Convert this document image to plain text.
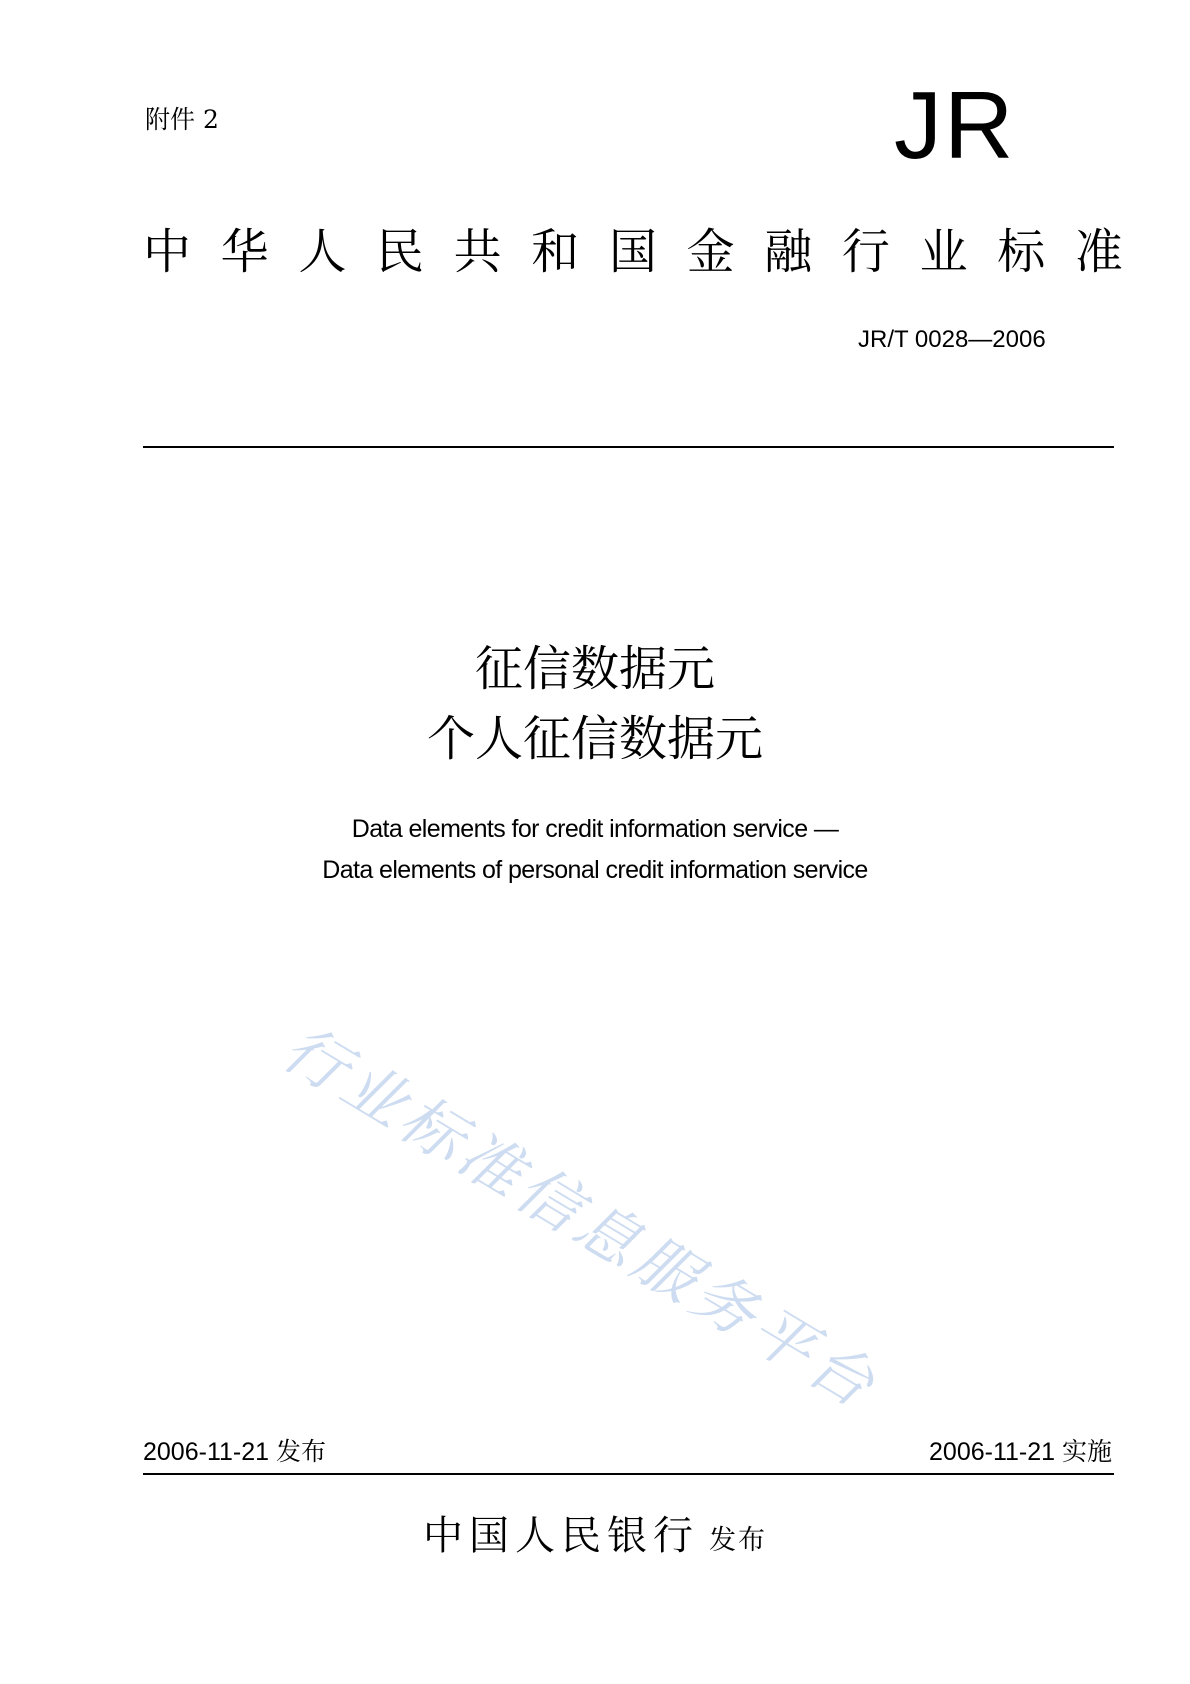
附件 2	JR
中 华 人 民 共 和 国 金 融 行 业 标 准
JR/T 0028—2006
征信数据元
个人征信数据元
Data elements for credit information service —
Data elements of personal credit information service
行业标准信息服务平台
2006-11-21 发布	2006-11-21 实施
中国人民银行 发布
